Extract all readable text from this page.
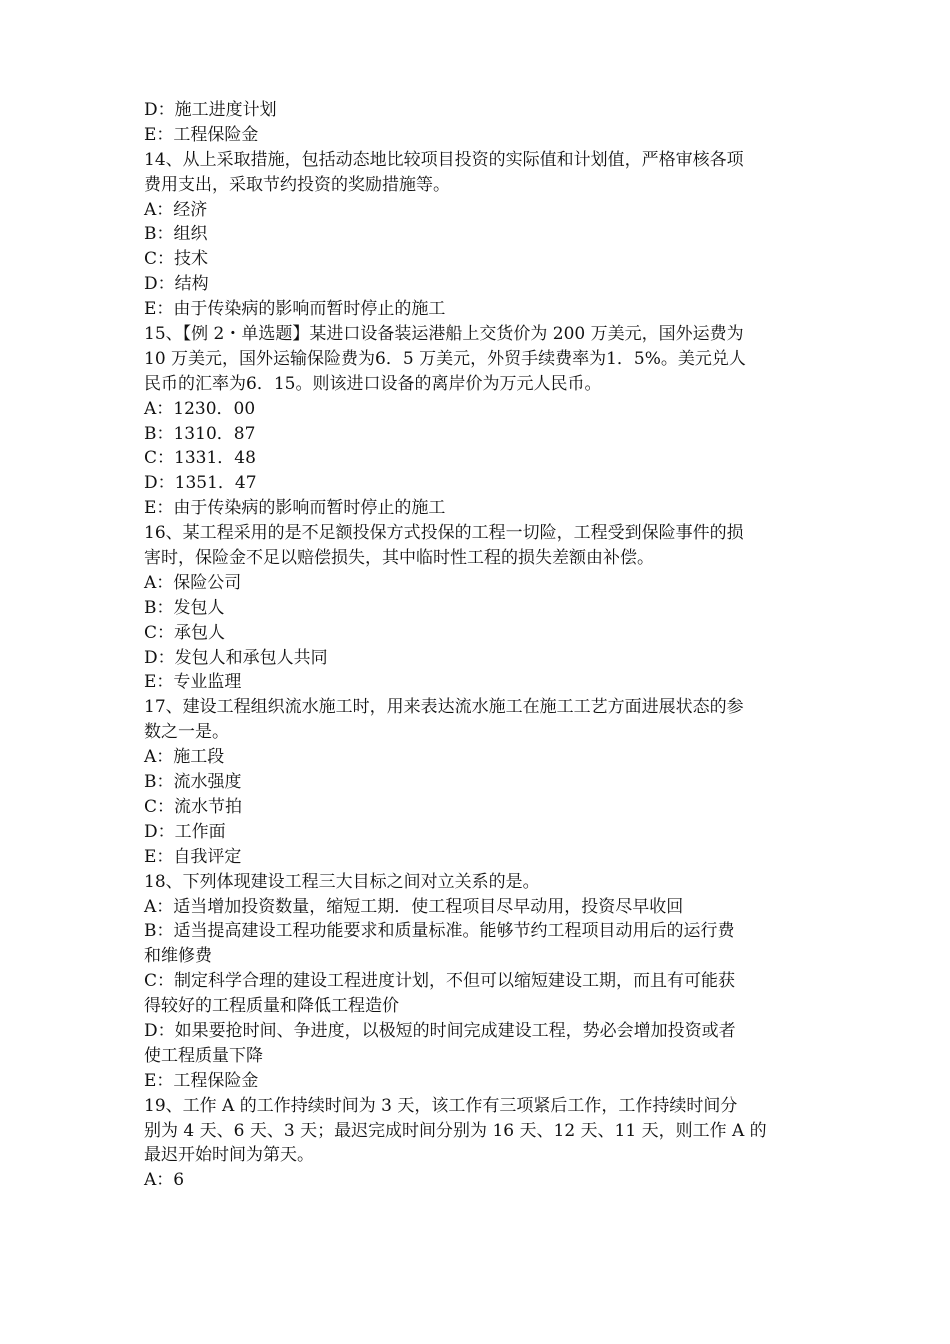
D：施工进度计划
E：工程保险金
14、从上采取措施，包括动态地比较项目投资的实际值和计划值，严格审核各项
费用支出，采取节约投资的奖励措施等。
A：经济
B：组织
C：技术
D：结构
E：由于传染病的影响而暂时停止的施工
15、【例 2・单选题】某进口设备装运港船上交货价为 200 万美元，国外运费为
10 万美元，国外运输保险费为6．5 万美元，外贸手续费率为1．5%。美元兑人
民币的汇率为6．15。则该进口设备的离岸价为万元人民币。
A：1230．00
B：1310．87
C：1331．48
D：1351．47
E：由于传染病的影响而暂时停止的施工
16、某工程采用的是不足额投保方式投保的工程一切险，工程受到保险事件的损
害时，保险金不足以赔偿损失，其中临时性工程的损失差额由补偿。
A：保险公司
B：发包人
C：承包人
D：发包人和承包人共同
E：专业监理
17、建设工程组织流水施工时，用来表达流水施工在施工工艺方面进展状态的参
数之一是。
A：施工段
B：流水强度
C：流水节拍
D：工作面
E：自我评定
18、下列体现建设工程三大目标之间对立关系的是。
A：适当增加投资数量，缩短工期．使工程项目尽早动用，投资尽早收回
B：适当提高建设工程功能要求和质量标准。能够节约工程项目动用后的运行费
和维修费
C：制定科学合理的建设工程进度计划，不但可以缩短建设工期，而且有可能获
得较好的工程质量和降低工程造价
D：如果要抢时间、争进度，以极短的时间完成建设工程，势必会增加投资或者
使工程质量下降
E：工程保险金
19、工作 A 的工作持续时间为 3 天，该工作有三项紧后工作，工作持续时间分
别为 4 天、6 天、3 天；最迟完成时间分别为 16 天、12 天、11 天，则工作 A 的
最迟开始时间为第天。
A：6
